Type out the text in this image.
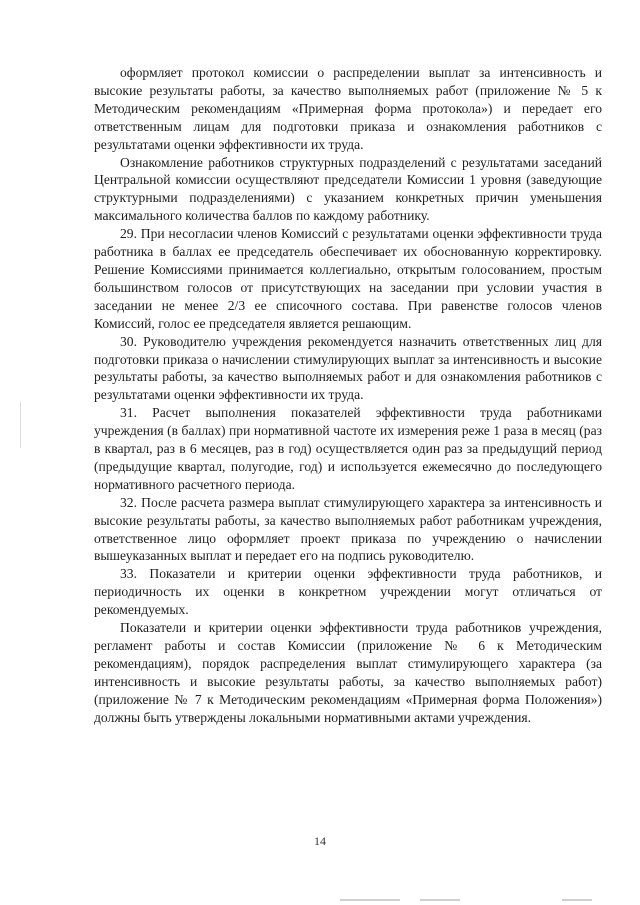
оформляет протокол комиссии о распределении выплат за интенсивность и высокие результаты работы, за качество выполняемых работ (приложение № 5 к Методическим рекомендациям «Примерная форма протокола») и передает его ответственным лицам для подготовки приказа и ознакомления работников с результатами оценки эффективности их труда.

Ознакомление работников структурных подразделений с результатами заседаний Центральной комиссии осуществляют председатели Комиссии 1 уровня (заведующие структурными подразделениями) с указанием конкретных причин уменьшения максимального количества баллов по каждому работнику.

29. При несогласии членов Комиссий с результатами оценки эффективности труда работника в баллах ее председатель обеспечивает их обоснованную корректировку. Решение Комиссиями принимается коллегиально, открытым голосованием, простым большинством голосов от присутствующих на заседании при условии участия в заседании не менее 2/3 ее списочного состава. При равенстве голосов членов Комиссий, голос ее председателя является решающим.

30. Руководителю учреждения рекомендуется назначить ответственных лиц для подготовки приказа о начислении стимулирующих выплат за интенсивность и высокие результаты работы, за качество выполняемых работ и для ознакомления работников с результатами оценки эффективности их труда.

31. Расчет выполнения показателей эффективности труда работниками учреждения (в баллах) при нормативной частоте их измерения реже 1 раза в месяц (раз в квартал, раз в 6 месяцев, раз в год) осуществляется один раз за предыдущий период (предыдущие квартал, полугодие, год) и используется ежемесячно до последующего нормативного расчетного периода.

32. После расчета размера выплат стимулирующего характера за интенсивность и высокие результаты работы, за качество выполняемых работ работникам учреждения, ответственное лицо оформляет проект приказа по учреждению о начислении вышеуказанных выплат и передает его на подпись руководителю.

33. Показатели и критерии оценки эффективности труда работников, и периодичность их оценки в конкретном учреждении могут отличаться от рекомендуемых.

Показатели и критерии оценки эффективности труда работников учреждения, регламент работы и состав Комиссии (приложение № 6 к Методическим рекомендациям), порядок распределения выплат стимулирующего характера (за интенсивность и высокие результаты работы, за качество выполняемых работ) (приложение № 7 к Методическим рекомендациям «Примерная форма Положения») должны быть утверждены локальными нормативными актами учреждения.

14
